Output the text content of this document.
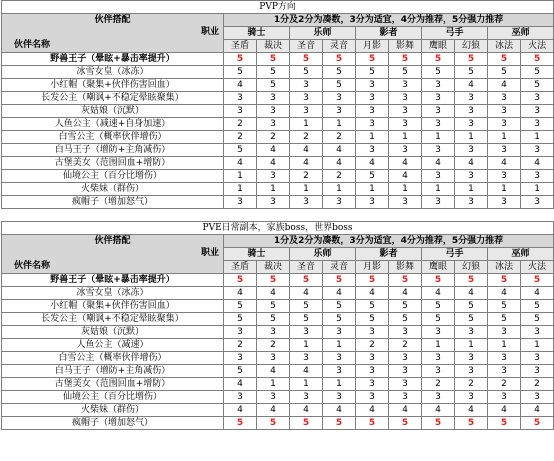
PVP方向										

伙伴搭配
职业
伙伴名称	1分及2分为凑数，3分为适宜，4分为推荐，5分强力推荐									
	骑士		乐师		影者		弓手		巫师	
	圣盾	裁决	圣音	灵音	月影	影舞	鹰眼	幻狼	冰法	火法
野兽王子（晕眩+暴击率提升）	5	5	5	5	5	5	5	5	5	5
冰雪女皇（冰冻）	5	5	5	5	5	5	5	5	5	5
小红帽（聚集+伙伴伤害回血）	4	5	3	5	3	3	3	4	4	5
长发公主（嘲讽+不稳定晕眩聚集）	3	3	3	3	3	3	3	3	3	3
灰姑娘（沉默）	3	3	3	3	3	3	3	3	3	3
人鱼公主（减速+自身加速）	2	3	1	1	3	3	3	3	3	3
白雪公主（概率伙伴增伤）	2	2	2	2	1	1	1	1	1	1
白马王子（增防+主角减伤）	5	4	4	4	3	3	3	3	3	3
古堡美女（范围回血+增防）	4	4	4	4	4	4	4	4	4	4
仙境公主（百分比增伤）	1	3	2	2	5	4	3	3	3	3
火柴妹（群伤）	1	1	1	1	1	1	1	1	1	1
疯帽子（增加怒气）	3	3	3	3	3	3	3	3	3	3
PVE日常副本，家族boss，世界boss										

伙伴搭配
职业
伙伴名称	1分及2分为凑数，3分为适宜，4分为推荐，5分强力推荐									
	骑士		乐师		影者		弓手		巫师	
	圣盾	裁决	圣音	灵音	月影	影舞	鹰眼	幻狼	冰法	火法
野兽王子（晕眩+暴击率提升）	5	5	5	5	5	5	5	5	5	5
冰雪女皇（冰冻）	4	4	4	4	4	4	4	4	4	4
小红帽（聚集+伙伴伤害回血）	5	5	5	5	5	5	5	5	5	5
长发公主（嘲讽+不稳定晕眩聚集）	5	5	5	5	5	5	5	5	5	5
灰姑娘（沉默）	3	3	3	3	3	3	3	3	3	3
人鱼公主（减速）	2	2	1	1	2	2	1	1	1	1
白雪公主（概率伙伴增伤）	3	3	3	3	3	3	3	3	3	3
白马王子（增防+主角减伤）	5	4	4	3	3	3	3	3	3	3
古堡美女（范围回血+增防）	4	1	1	1	3	3	2	2	2	2
仙境公主（百分比增伤）	3	3	3	3	3	3	3	3	3	3
火柴妹（群伤）	4	4	4	4	4	4	4	4	4	4
疯帽子（增加怒气）	5	5	5	5	5	5	5	5	5	5
